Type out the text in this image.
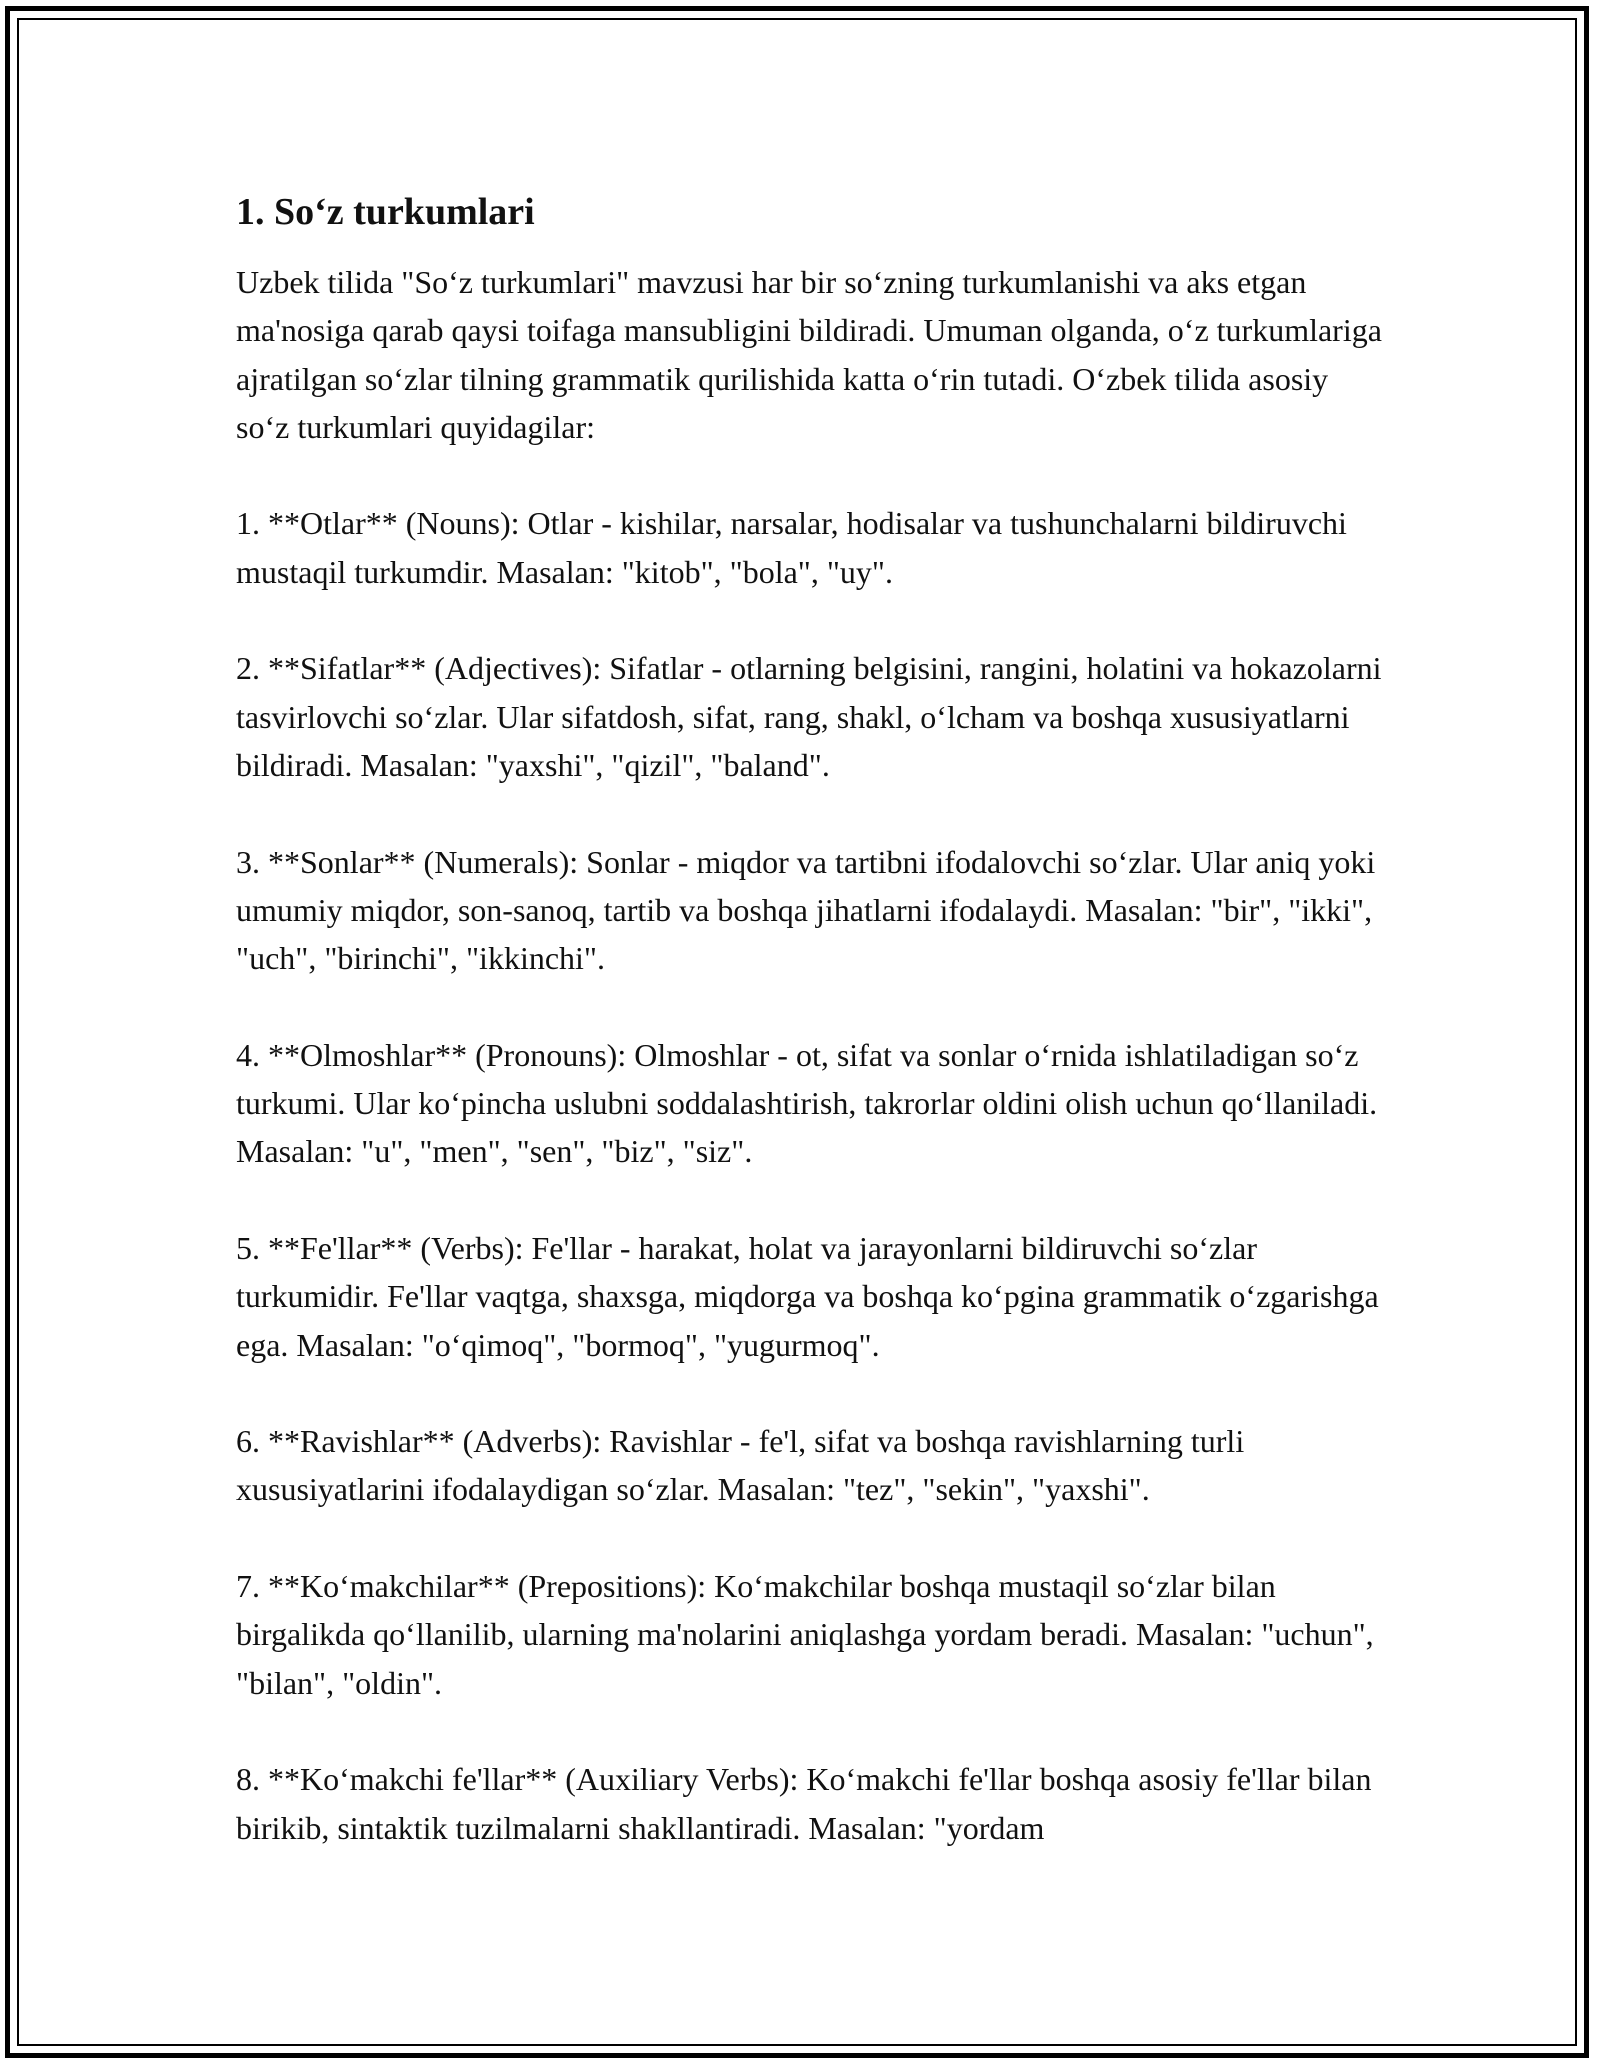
1. So‘z turkumlari

Uzbek tilida "So‘z turkumlari" mavzusi har bir so‘zning turkumlanishi va aks etgan ma'nosiga qarab qaysi toifaga mansubligini bildiradi. Umuman olganda, o‘z turkumlariga ajratilgan so‘zlar tilning grammatik qurilishida katta o‘rin tutadi. O‘zbek tilida asosiy so‘z turkumlari quyidagilar:

1. **Otlar** (Nouns): Otlar - kishilar, narsalar, hodisalar va tushunchalarni bildiruvchi mustaqil turkumdir. Masalan: "kitob", "bola", "uy".

2. **Sifatlar** (Adjectives): Sifatlar - otlarning belgisini, rangini, holatini va hokazolarni tasvirlovchi so‘zlar. Ular sifatdosh, sifat, rang, shakl, o‘lcham va boshqa xususiyatlarni bildiradi. Masalan: "yaxshi", "qizil", "baland".

3. **Sonlar** (Numerals): Sonlar - miqdor va tartibni ifodalovchi so‘zlar. Ular aniq yoki umumiy miqdor, son-sanoq, tartib va boshqa jihatlarni ifodalaydi. Masalan: "bir", "ikki", "uch", "birinchi", "ikkinchi".

4. **Olmoshlar** (Pronouns): Olmoshlar - ot, sifat va sonlar o‘rnida ishlatiladigan so‘z turkumi. Ular ko‘pincha uslubni soddalashtirish, takrorlar oldini olish uchun qo‘llaniladi. Masalan: "u", "men", "sen", "biz", "siz".

5. **Fe'llar** (Verbs): Fe'llar - harakat, holat va jarayonlarni bildiruvchi so‘zlar turkumidir. Fe'llar vaqtga, shaxsga, miqdorga va boshqa ko‘pgina grammatik o‘zgarishga ega. Masalan: "o‘qimoq", "bormoq", "yugurmoq".

6. **Ravishlar** (Adverbs): Ravishlar - fe'l, sifat va boshqa ravishlarning turli xususiyatlarini ifodalaydigan so‘zlar. Masalan: "tez", "sekin", "yaxshi".

7. **Ko‘makchilar** (Prepositions): Ko‘makchilar boshqa mustaqil so‘zlar bilan birgalikda qo‘llanilib, ularning ma'nolarini aniqlashga yordam beradi. Masalan: "uchun", "bilan", "oldin".

8. **Ko‘makchi fe'llar** (Auxiliary Verbs): Ko‘makchi fe'llar boshqa asosiy fe'llar bilan birikib, sintaktik tuzilmalarni shakllantiradi. Masalan: "yordam
